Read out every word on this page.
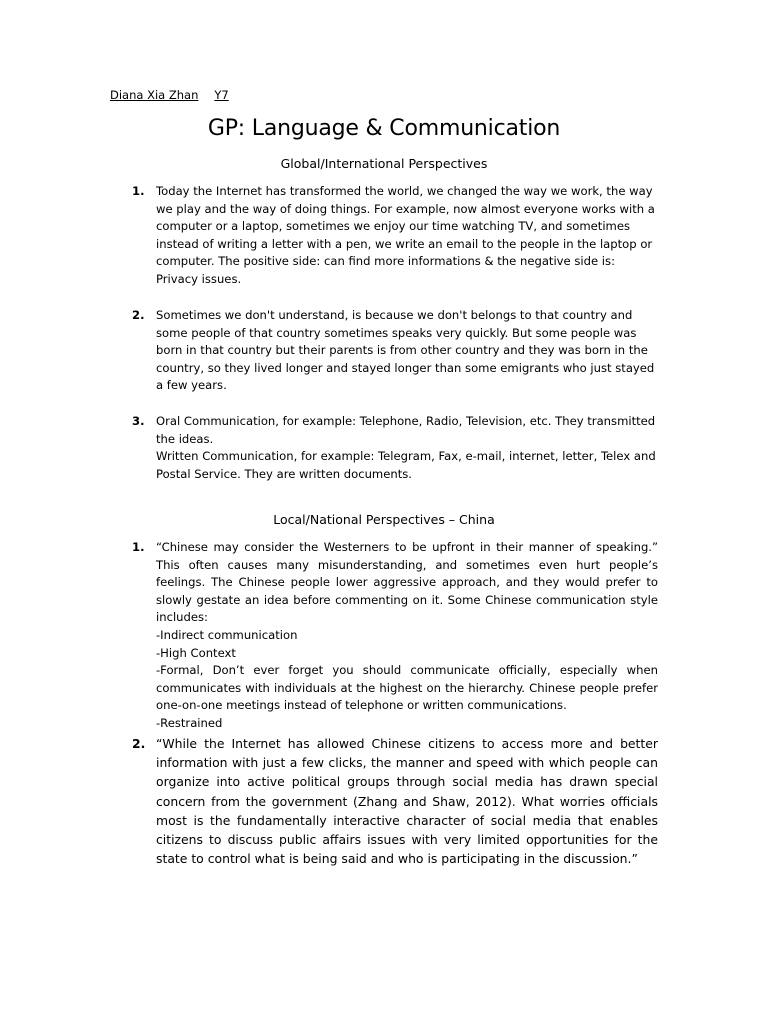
Diana Xia Zhan Y7
GP: Language & Communication
Global/International Perspectives
1. Today the Internet has transformed the world, we changed the way we work, the way we play and the way of doing things. For example, now almost everyone works with a computer or a laptop, sometimes we enjoy our time watching TV, and sometimes instead of writing a letter with a pen, we write an email to the people in the laptop or computer. The positive side: can find more informations & the negative side is: Privacy issues.

2. Sometimes we don't understand, is because we don't belongs to that country and some people of that country sometimes speaks very quickly. But some people was born in that country but their parents is from other country and they was born in the country, so they lived longer and stayed longer than some emigrants who just stayed a few years.

3. Oral Communication, for example: Telephone, Radio, Television, etc. They transmitted the ideas.

Written Communication, for example: Telegram, Fax, e-mail, internet, letter, Telex and Postal Service. They are written documents.

Local/National Perspectives – China
1. “Chinese may consider the Westerners to be upfront in their manner of speaking.” This often causes many misunderstanding, and sometimes even hurt people’s feelings. The Chinese people lower aggressive approach, and they would prefer to slowly gestate an idea before commenting on it. Some Chinese communication style includes:

-Indirect communication

-High Context

-Formal, Don’t ever forget you should communicate officially, especially when communicates with individuals at the highest on the hierarchy. Chinese people prefer one-on-one meetings instead of telephone or written communications.

-Restrained

2. “While the Internet has allowed Chinese citizens to access more and better information with just a few clicks, the manner and speed with which people can organize into active political groups through social media has drawn special concern from the government (Zhang and Shaw, 2012). What worries officials most is the fundamentally interactive character of social media that enables citizens to discuss public affairs issues with very limited opportunities for the state to control what is being said and who is participating in the discussion.”
